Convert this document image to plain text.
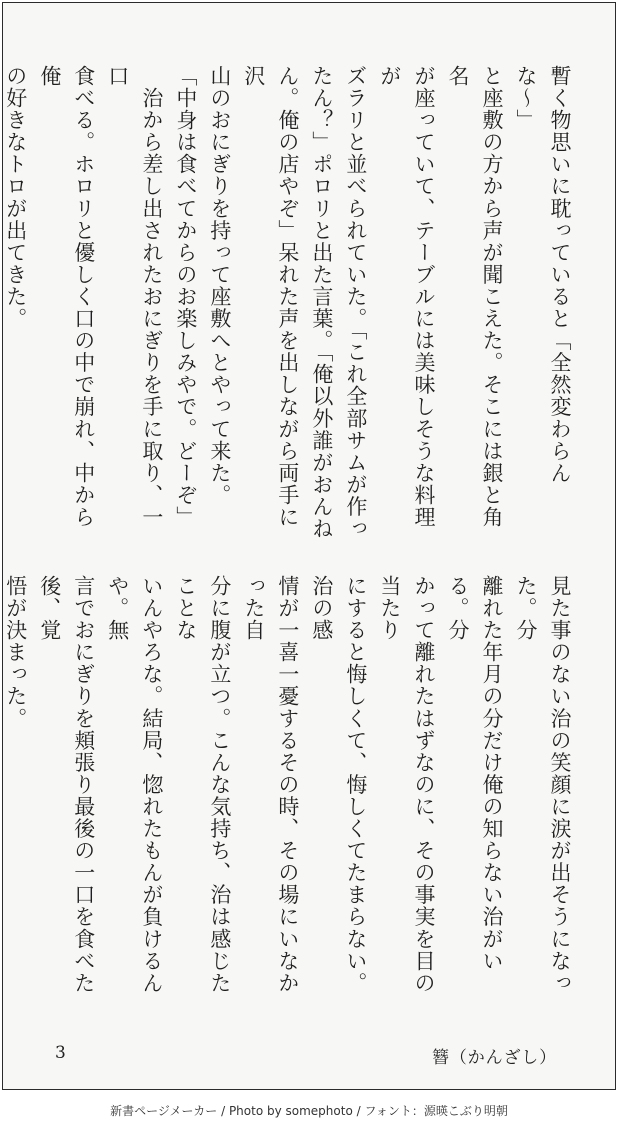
暫く物思いに耽っていると「全然変わらんな〜」
と座敷の方から声が聞こえた。そこには銀と角名
が座っていて、テーブルには美味しそうな料理が
ズラリと並べられていた。「これ全部サムが作っ
たん？」ポロリと出た言葉。「俺以外誰がおんね
ん。俺の店やぞ」呆れた声を出しながら両手に沢
山のおにぎりを持って座敷へとやって来た。
「中身は食べてからのお楽しみやで。どーぞ」
　治から差し出されたおにぎりを手に取り、一口
食べる。ホロリと優しく口の中で崩れ、中から俺
の好きなトロが出てきた。

見た事のない治の笑顔に涙が出そうになった。分
離れた年月の分だけ俺の知らない治がいる。分
かって離れたはずなのに、その事実を目の当たり
にすると悔しくて、悔しくてたまらない。治の感
情が一喜一憂するその時、その場にいなかった自
分に腹が立つ。こんな気持ち、治は感じたことな
いんやろな。結局、惚れたもんが負けるんや。無
言でおにぎりを頬張り最後の一口を食べた後、覚
悟が決まった。

3	簪（かんざし）
新書ページメーカー / Photo by somephoto / フォント：源暎こぶり明朝
